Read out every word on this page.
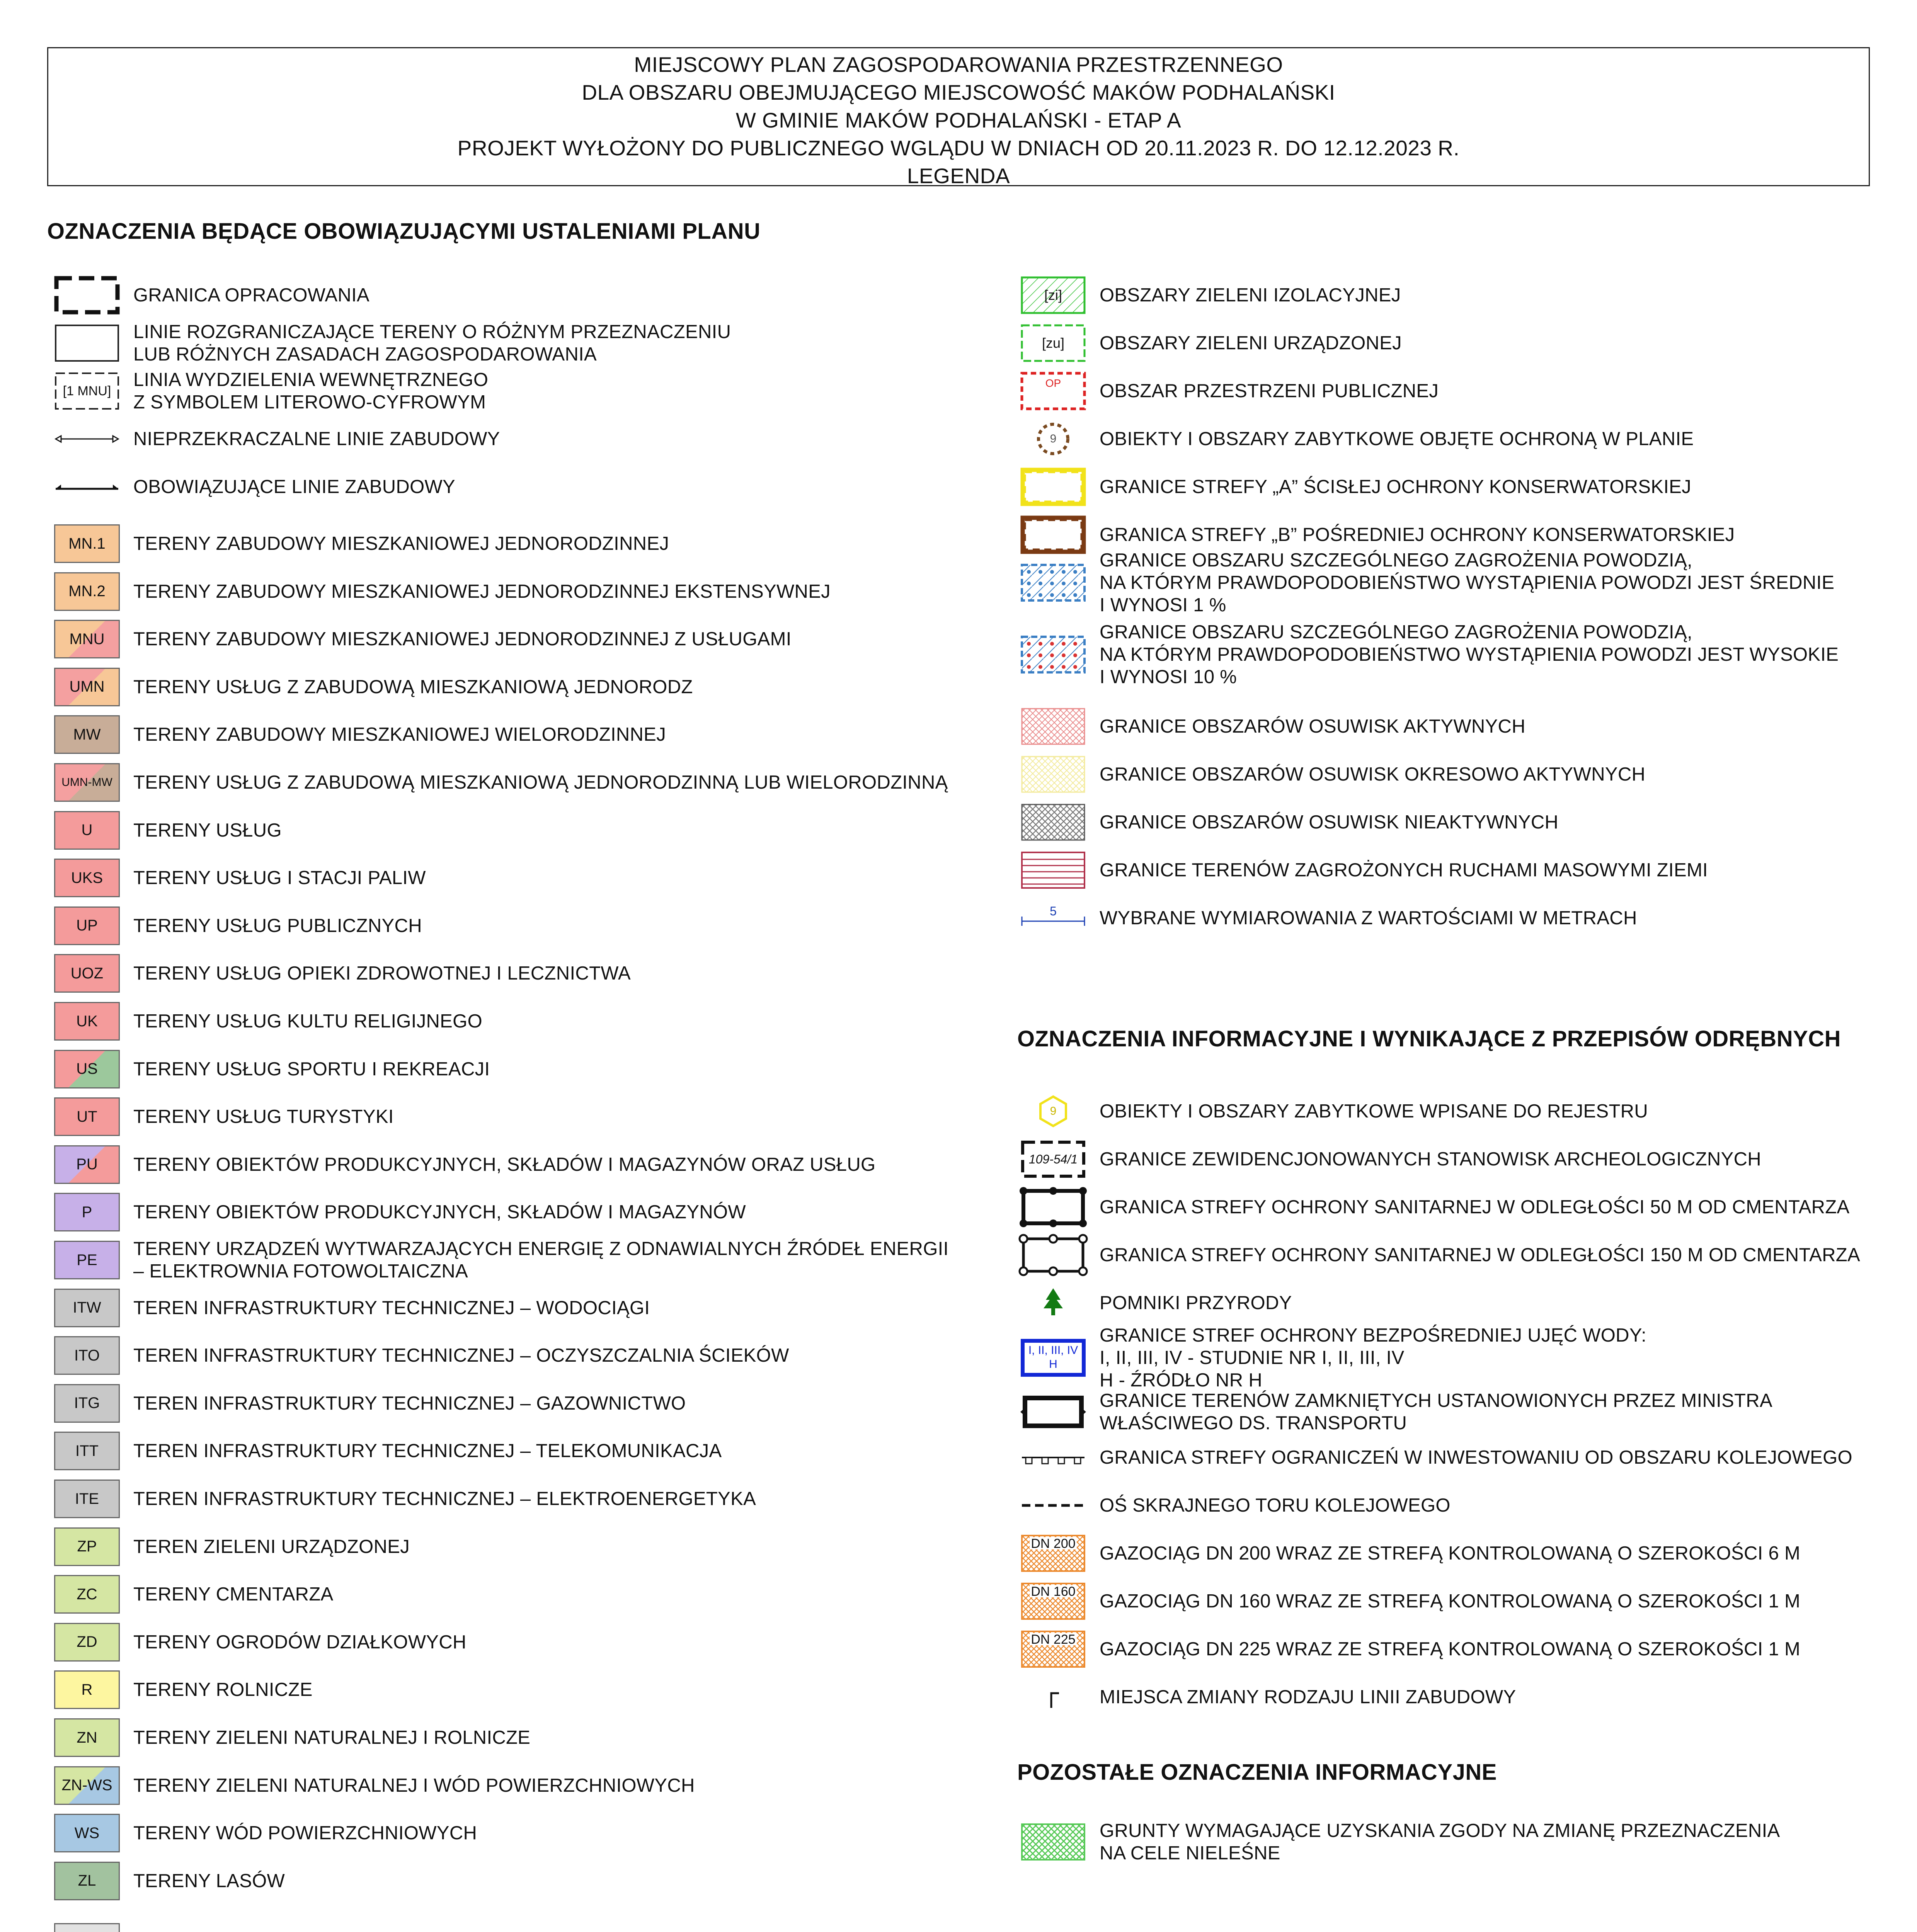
MIEJSCOWY PLAN ZAGOSPODAROWANIA PRZESTRZENNEGO
DLA OBSZARU OBEJMUJĄCEGO MIEJSCOWOŚĆ MAKÓW PODHALAŃSKI
W GMINIE MAKÓW PODHALAŃSKI - ETAP A
PROJEKT WYŁOŻONY DO PUBLICZNEGO WGLĄDU W DNIACH OD 20.11.2023 R. DO 12.12.2023 R.
LEGENDA
OZNACZENIA BĘDĄCE OBOWIĄZUJĄCYMI USTALENIAMI PLANU
OZNACZENIA INFORMACYJNE I WYNIKAJĄCE Z PRZEPISÓW ODRĘBNYCH
POZOSTAŁE OZNACZENIA INFORMACYJNE
GRANICA OPRACOWANIA
LINIE ROZGRANICZAJĄCE TERENY O RÓŻNYM PRZEZNACZENIU
LUB RÓŻNYCH ZASADACH ZAGOSPODAROWANIA
[1 MNU]
LINIA WYDZIELENIA WEWNĘTRZNEGO
Z SYMBOLEM LITEROWO-CYFROWYM
NIEPRZEKRACZALNE LINIE ZABUDOWY
OBOWIĄZUJĄCE LINIE ZABUDOWY
MN.1 TERENY ZABUDOWY MIESZKANIOWEJ JEDNORODZINNEJ
MN.2 TERENY ZABUDOWY MIESZKANIOWEJ JEDNORODZINNEJ EKSTENSYWNEJ
MNU TERENY ZABUDOWY MIESZKANIOWEJ JEDNORODZINNEJ Z USŁUGAMI
UMN TERENY USŁUG Z ZABUDOWĄ MIESZKANIOWĄ JEDNORODZ
MW TERENY ZABUDOWY MIESZKANIOWEJ WIELORODZINNEJ
UMN-MW TERENY USŁUG Z ZABUDOWĄ MIESZKANIOWĄ JEDNORODZINNĄ LUB WIELORODZINNĄ
U TERENY USŁUG
UKS TERENY USŁUG I STACJI PALIW
UP TERENY USŁUG PUBLICZNYCH
UOZ TERENY USŁUG OPIEKI ZDROWOTNEJ I LECZNICTWA
UK TERENY USŁUG KULTU RELIGIJNEGO
US TERENY USŁUG SPORTU I REKREACJI
UT TERENY USŁUG TURYSTYKI
PU TERENY OBIEKTÓW PRODUKCYJNYCH, SKŁADÓW I MAGAZYNÓW ORAZ USŁUG
P TERENY OBIEKTÓW PRODUKCYJNYCH, SKŁADÓW I MAGAZYNÓW
PE
TERENY URZĄDZEŃ WYTWARZAJĄCYCH ENERGIĘ Z ODNAWIALNYCH ŹRÓDEŁ ENERGII
– ELEKTROWNIA FOTOWOLTAICZNA
ITW TEREN INFRASTRUKTURY TECHNICZNEJ – WODOCIĄGI
ITO TEREN INFRASTRUKTURY TECHNICZNEJ – OCZYSZCZALNIA ŚCIEKÓW
ITG TEREN INFRASTRUKTURY TECHNICZNEJ – GAZOWNICTWO
ITT TEREN INFRASTRUKTURY TECHNICZNEJ – TELEKOMUNIKACJA
ITE TEREN INFRASTRUKTURY TECHNICZNEJ – ELEKTROENERGETYKA
ZP TEREN ZIELENI URZĄDZONEJ
ZC TERENY CMENTARZA
ZD TERENY OGRODÓW DZIAŁKOWYCH
R TERENY ROLNICZE
ZN TERENY ZIELENI NATURALNEJ I ROLNICZE
ZN-WS TERENY ZIELENI NATURALNEJ I WÓD POWIERZCHNIOWYCH
WS TERENY WÓD POWIERZCHNIOWYCH
ZL TERENY LASÓW
[zi]	OBSZARY ZIELENI IZOLACYJNEJ
[zu]	OBSZARY ZIELENI URZĄDZONEJ
OP	OBSZAR PRZESTRZENI PUBLICZNEJ
9	OBIEKTY I OBSZARY ZABYTKOWE OBJĘTE OCHRONĄ W PLANIE
GRANICE STREFY „A” ŚCISŁEJ OCHRONY KONSERWATORSKIEJ
GRANICA STREFY „B” POŚREDNIEJ OCHRONY KONSERWATORSKIEJ
GRANICE OBSZARU SZCZEGÓLNEGO ZAGROŻENIA POWODZIĄ,
NA KTÓRYM PRAWDOPODOBIEŃSTWO WYSTĄPIENIA POWODZI JEST ŚREDNIE
I WYNOSI 1 %
GRANICE OBSZARU SZCZEGÓLNEGO ZAGROŻENIA POWODZIĄ,
NA KTÓRYM PRAWDOPODOBIEŃSTWO WYSTĄPIENIA POWODZI JEST WYSOKIE
I WYNOSI 10 %
GRANICE OBSZARÓW OSUWISK AKTYWNYCH
GRANICE OBSZARÓW OSUWISK OKRESOWO AKTYWNYCH
GRANICE OBSZARÓW OSUWISK NIEAKTYWNYCH
GRANICE TERENÓW ZAGROŻONYCH RUCHAMI MASOWYMI ZIEMI
5	WYBRANE WYMIAROWANIA Z WARTOŚCIAMI W METRACH
9	OBIEKTY I OBSZARY ZABYTKOWE WPISANE DO REJESTRU
109-54/1	GRANICE ZEWIDENCJONOWANYCH STANOWISK ARCHEOLOGICZNYCH
GRANICA STREFY OCHRONY SANITARNEJ W ODLEGŁOŚCI 50 M OD CMENTARZA
GRANICA STREFY OCHRONY SANITARNEJ W ODLEGŁOŚCI 150 M OD CMENTARZA
POMNIKI PRZYRODY
I, II, III, IV
H
GRANICE STREF OCHRONY BEZPOŚREDNIEJ UJĘĆ WODY:
I, II, III, IV - STUDNIE NR I, II, III, IV
H - ŹRÓDŁO NR H
GRANICE TERENÓW ZAMKNIĘTYCH USTANOWIONYCH PRZEZ MINISTRA
WŁAŚCIWEGO DS. TRANSPORTU
GRANICA STREFY OGRANICZEŃ W INWESTOWANIU OD OBSZARU KOLEJOWEGO
OŚ SKRAJNEGO TORU KOLEJOWEGO
DN 200	GAZOCIĄG DN 200 WRAZ ZE STREFĄ KONTROLOWANĄ O SZEROKOŚCI 6 M
DN 160	GAZOCIĄG DN 160 WRAZ ZE STREFĄ KONTROLOWANĄ O SZEROKOŚCI 1 M
DN 225	GAZOCIĄG DN 225 WRAZ ZE STREFĄ KONTROLOWANĄ O SZEROKOŚCI 1 M
MIEJSCA ZMIANY RODZAJU LINII ZABUDOWY
GRUNTY WYMAGAJĄCE UZYSKANIA ZGODY NA ZMIANĘ PRZEZNACZENIA
NA CELE NIELEŚNE
